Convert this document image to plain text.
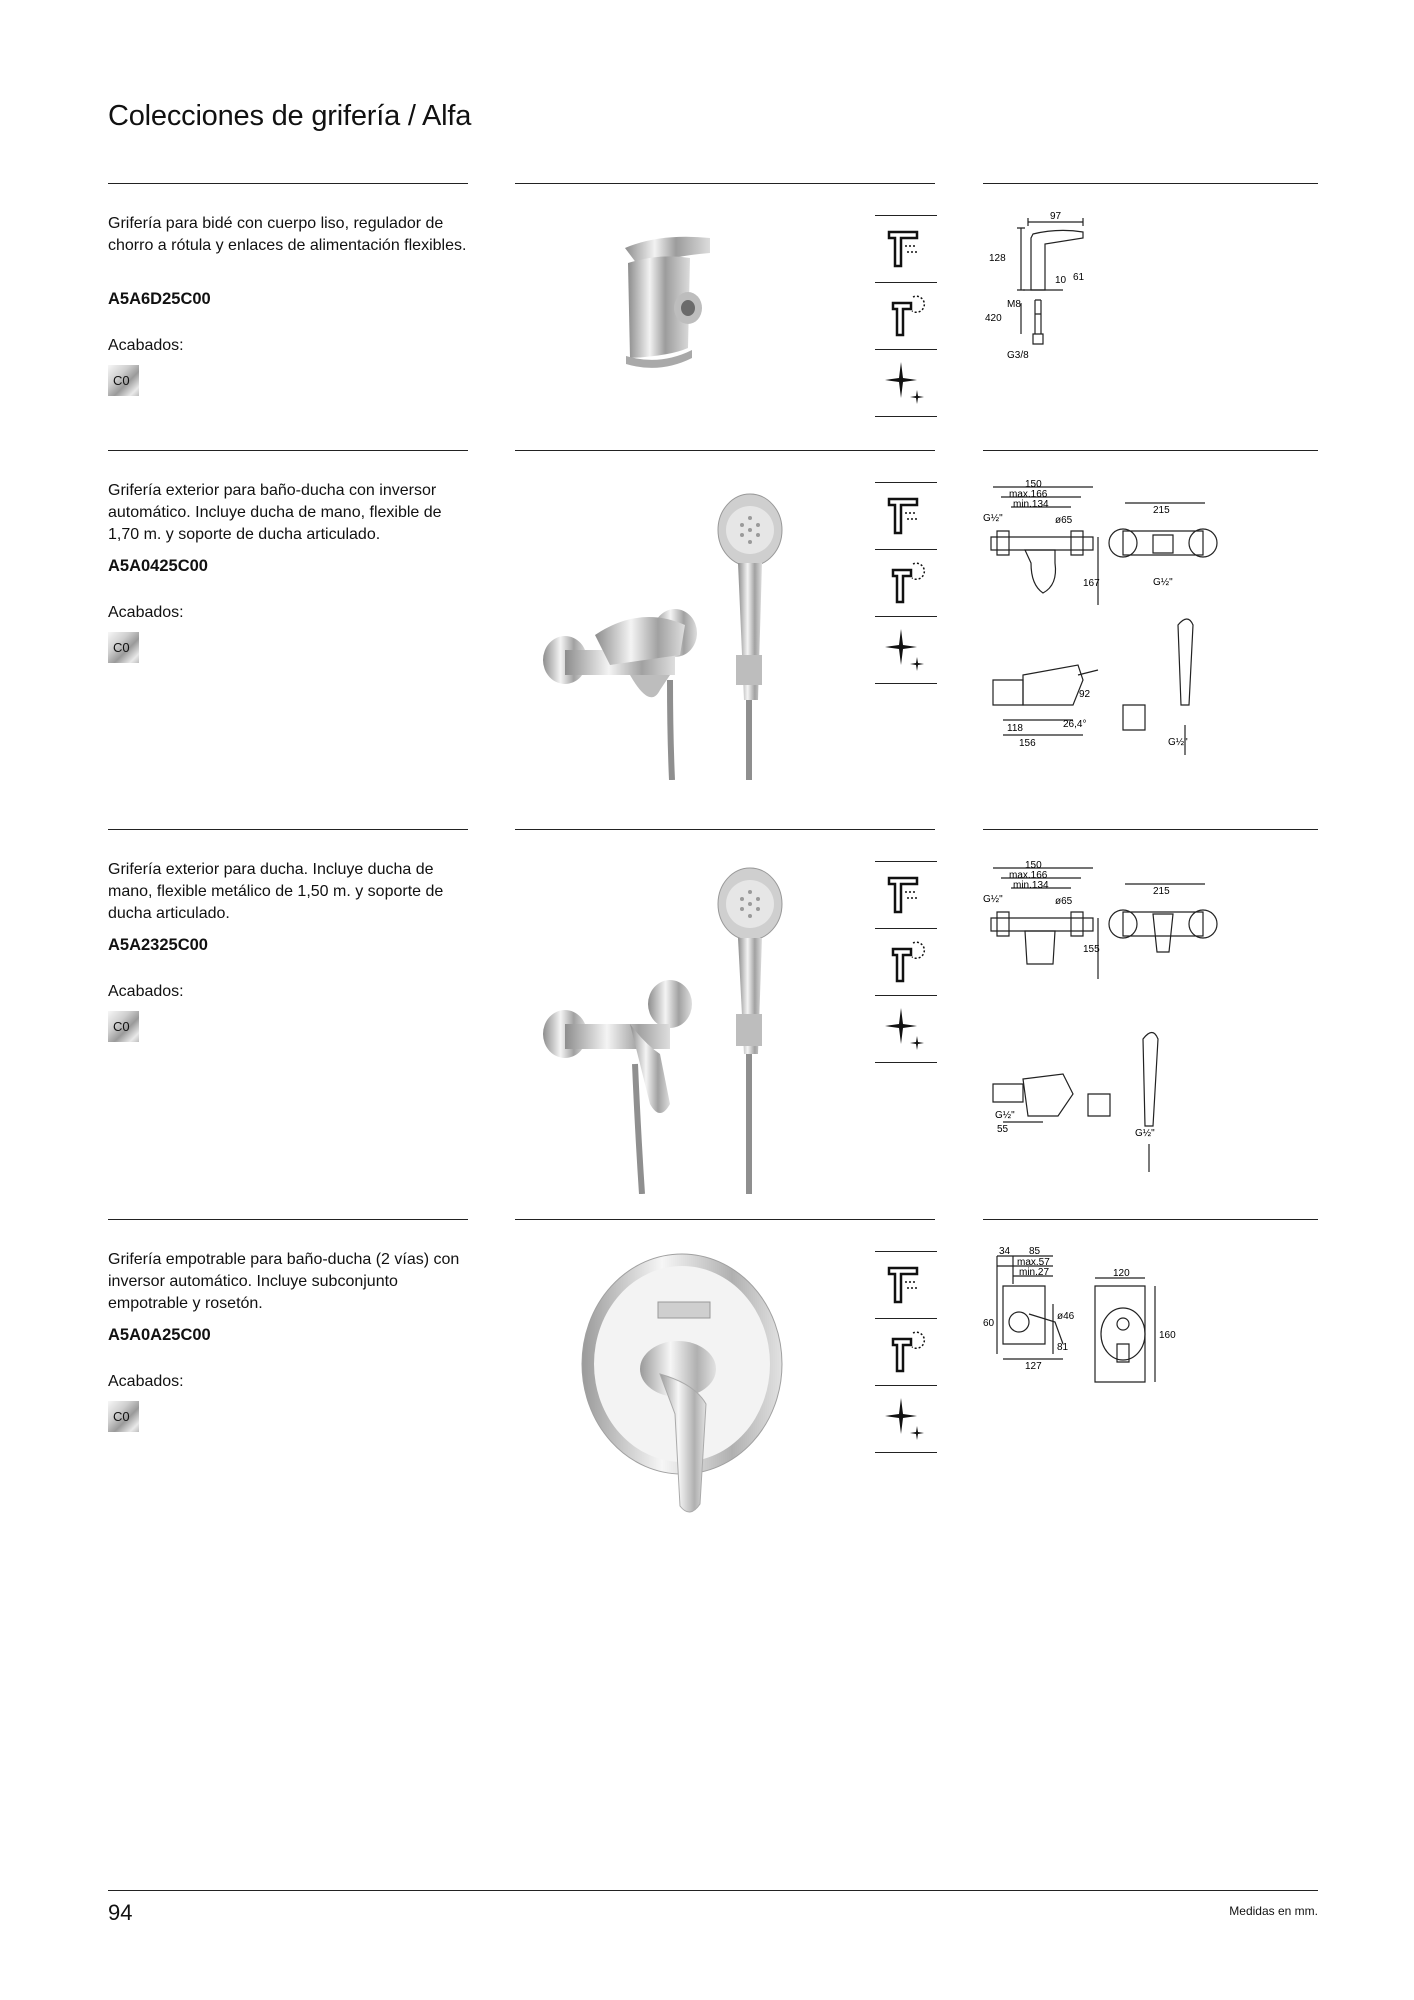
Colecciones de grifería / Alfa
Grifería para bidé con cuerpo liso, regulador de chorro a rótula y enlaces de alimentación flexibles.
A5A6D25C00
Acabados:
C0
97
128
10 61
M8
420
G3/8
Grifería exterior para baño-ducha con inversor automático. Incluye ducha de mano, flexible de 1,70 m. y soporte de ducha articulado.
A5A0425C00
Acabados:
C0
150
max.166
min.134
G½"	ø65
167
215
92
118
156
26,4°
G½"
G½"
Grifería exterior para ducha. Incluye ducha de mano, flexible metálico de 1,50 m. y soporte de ducha articulado.
A5A2325C00
Acabados:
C0
150
max.166
min.134
G½"	ø65
155
215
G½"
55	G½"
Grifería empotrable para baño-ducha (2 vías) con inversor automático. Incluye subconjunto empotrable y rosetón.
A5A0A25C00
Acabados:
C0
34 85
max.57
min.27
60
ø46
81
127
120
160
94	Medidas en mm.
